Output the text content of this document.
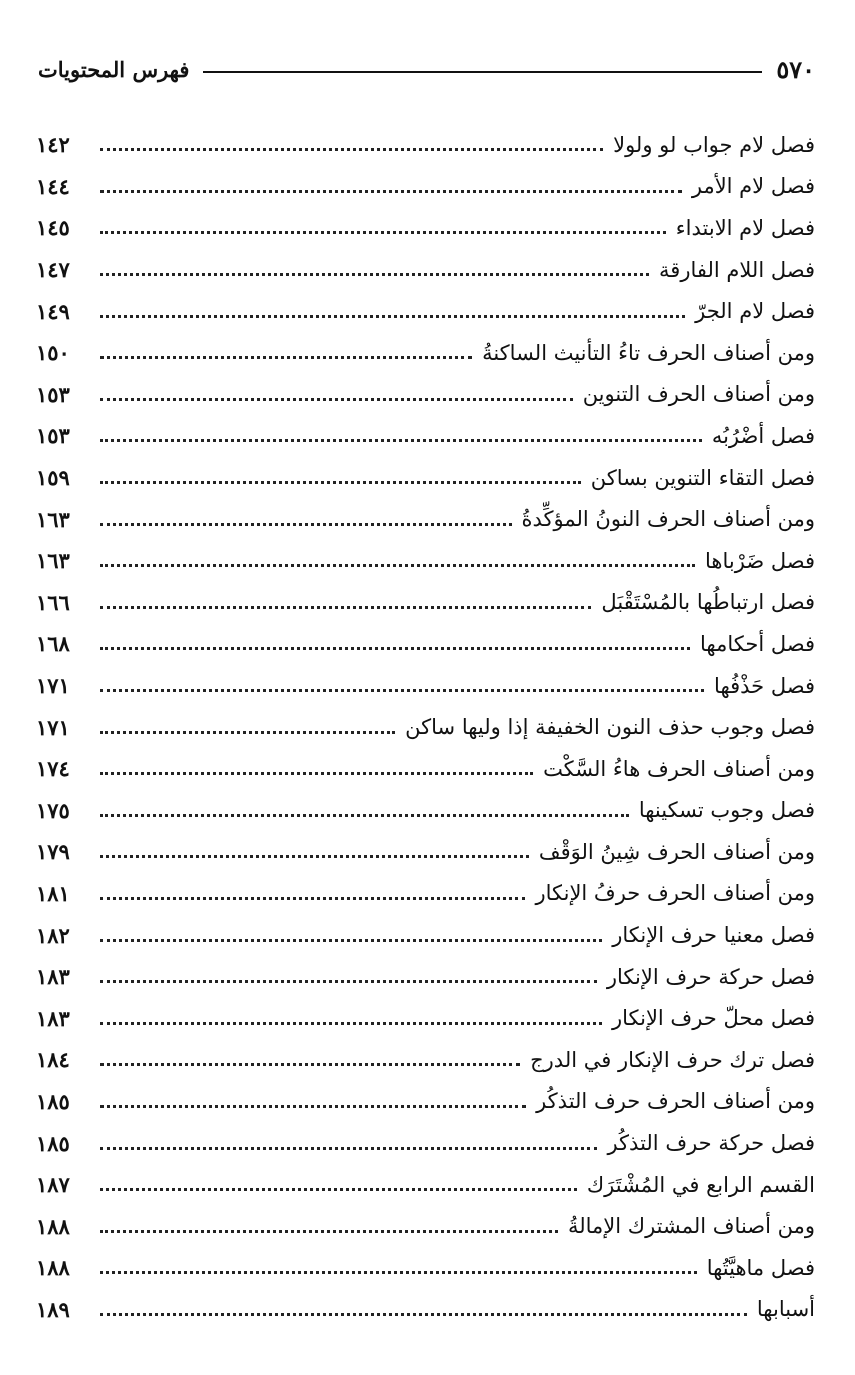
٥٧٠
فهرس المحتويات
فصل لام جواب لو ولولا
١٤٢
فصل لام الأمر
١٤٤
فصل لام الابتداء
١٤٥
فصل اللام الفارقة
١٤٧
فصل لام الجرّ
١٤٩
ومن أصناف الحرف تاءُ التأنيث الساكنةُ
١٥٠
ومن أصناف الحرف التنوين
١٥٣
فصل أضْرُبُه
١٥٣
فصل التقاء التنوين بساكن
١٥٩
ومن أصناف الحرف النونُ المؤكِّدةُ
١٦٣
فصل ضَرْباها
١٦٣
فصل ارتباطُها بالمُسْتَقْبَل
١٦٦
فصل أحكامها
١٦٨
فصل حَذْفُها
١٧١
فصل وجوب حذف النون الخفيفة إذا وليها ساكن
١٧١
ومن أصناف الحرف هاءُ السَّكْت
١٧٤
فصل وجوب تسكينها
١٧٥
ومن أصناف الحرف شِينُ الوَقْف
١٧٩
ومن أصناف الحرف حرفُ الإنكار
١٨١
فصل معنيا حرف الإنكار
١٨٢
فصل حركة حرف الإنكار
١٨٣
فصل محلّ حرف الإنكار
١٨٣
فصل ترك حرف الإنكار في الدرج
١٨٤
ومن أصناف الحرف حرف التذكُر
١٨٥
فصل حركة حرف التذكُر
١٨٥
القسم الرابع في المُشْتَرَك
١٨٧
ومن أصناف المشترك الإمالةُ
١٨٨
فصل ماهيَّتُها
١٨٨
أسبابها
١٨٩
